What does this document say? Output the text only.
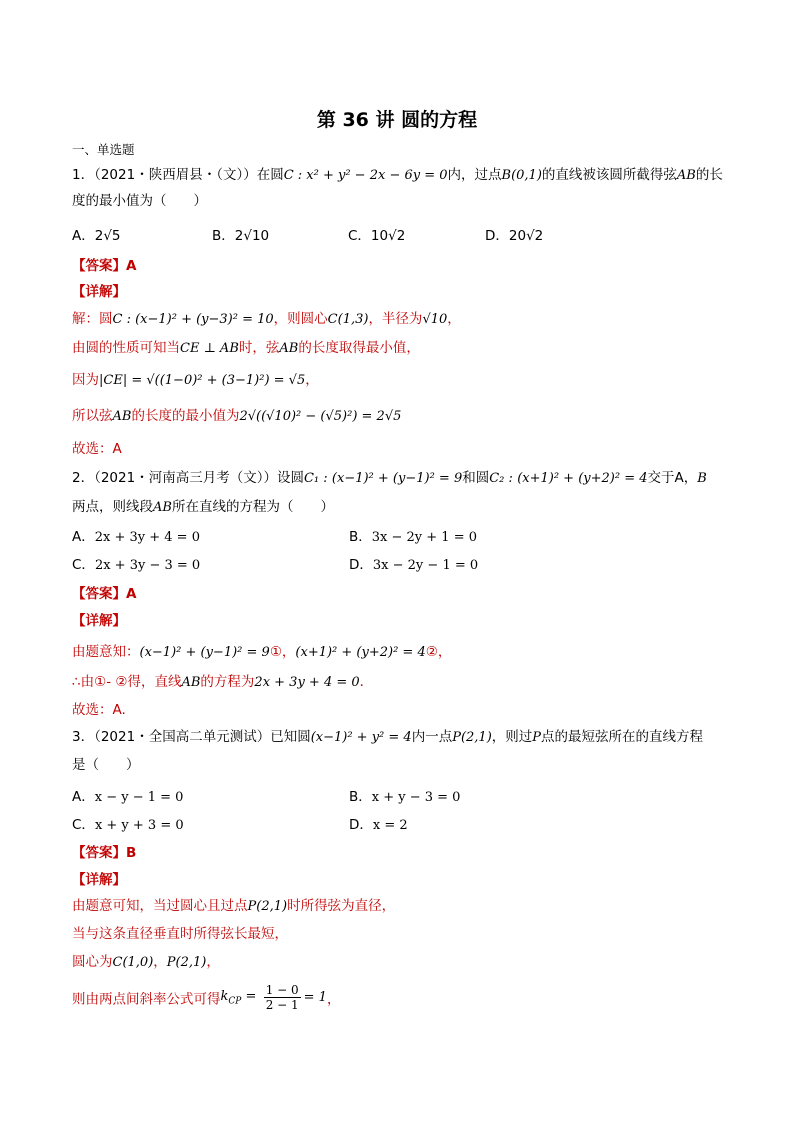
第 36 讲 圆的方程
一、单选题
1．（2021・陕西眉县・（文））在圆C : x² + y² − 2x − 6y = 0内，过点B(0,1)的直线被该圆所截得弦AB的长
度的最小值为（　　）
A．2√5	B．2√10	C．10√2	D．20√2
【答案】A
【详解】
解：圆C : (x−1)² + (y−3)² = 10，则圆心C(1,3)，半径为√10，
由圆的性质可知当CE ⊥ AB时，弦AB的长度取得最小值，
因为|CE| = √((1−0)² + (3−1)²) = √5，
所以弦AB的长度的最小值为2√((√10)² − (√5)²) = 2√5
故选：A
2．（2021・河南高三月考（文））设圆C₁ : (x−1)² + (y−1)² = 9和圆C₂ : (x+1)² + (y+2)² = 4交于A，B
两点，则线段AB所在直线的方程为（　　）
A．2x + 3y + 4 = 0	B．3x − 2y + 1 = 0
C．2x + 3y − 3 = 0	D．3x − 2y − 1 = 0
【答案】A
【详解】
由题意知：(x−1)² + (y−1)² = 9①，(x+1)² + (y+2)² = 4②，
∴由①- ②得，直线AB的方程为2x + 3y + 4 = 0．
故选：A.
3．（2021・全国高二单元测试）已知圆(x−1)² + y² = 4内一点P(2,1)，则过P点的最短弦所在的直线方程
是（　　）
A．x − y − 1 = 0	B．x + y − 3 = 0
C．x + y + 3 = 0	D．x = 2
【答案】B
【详解】
由题意可知，当过圆心且过点P(2,1)时所得弦为直径，
当与这条直径垂直时所得弦长最短，
圆心为C(1,0)，P(2,1)，
则由两点间斜率公式可得$k_{CP} = \frac{1 - 0}{2 - 1} = 1$，
